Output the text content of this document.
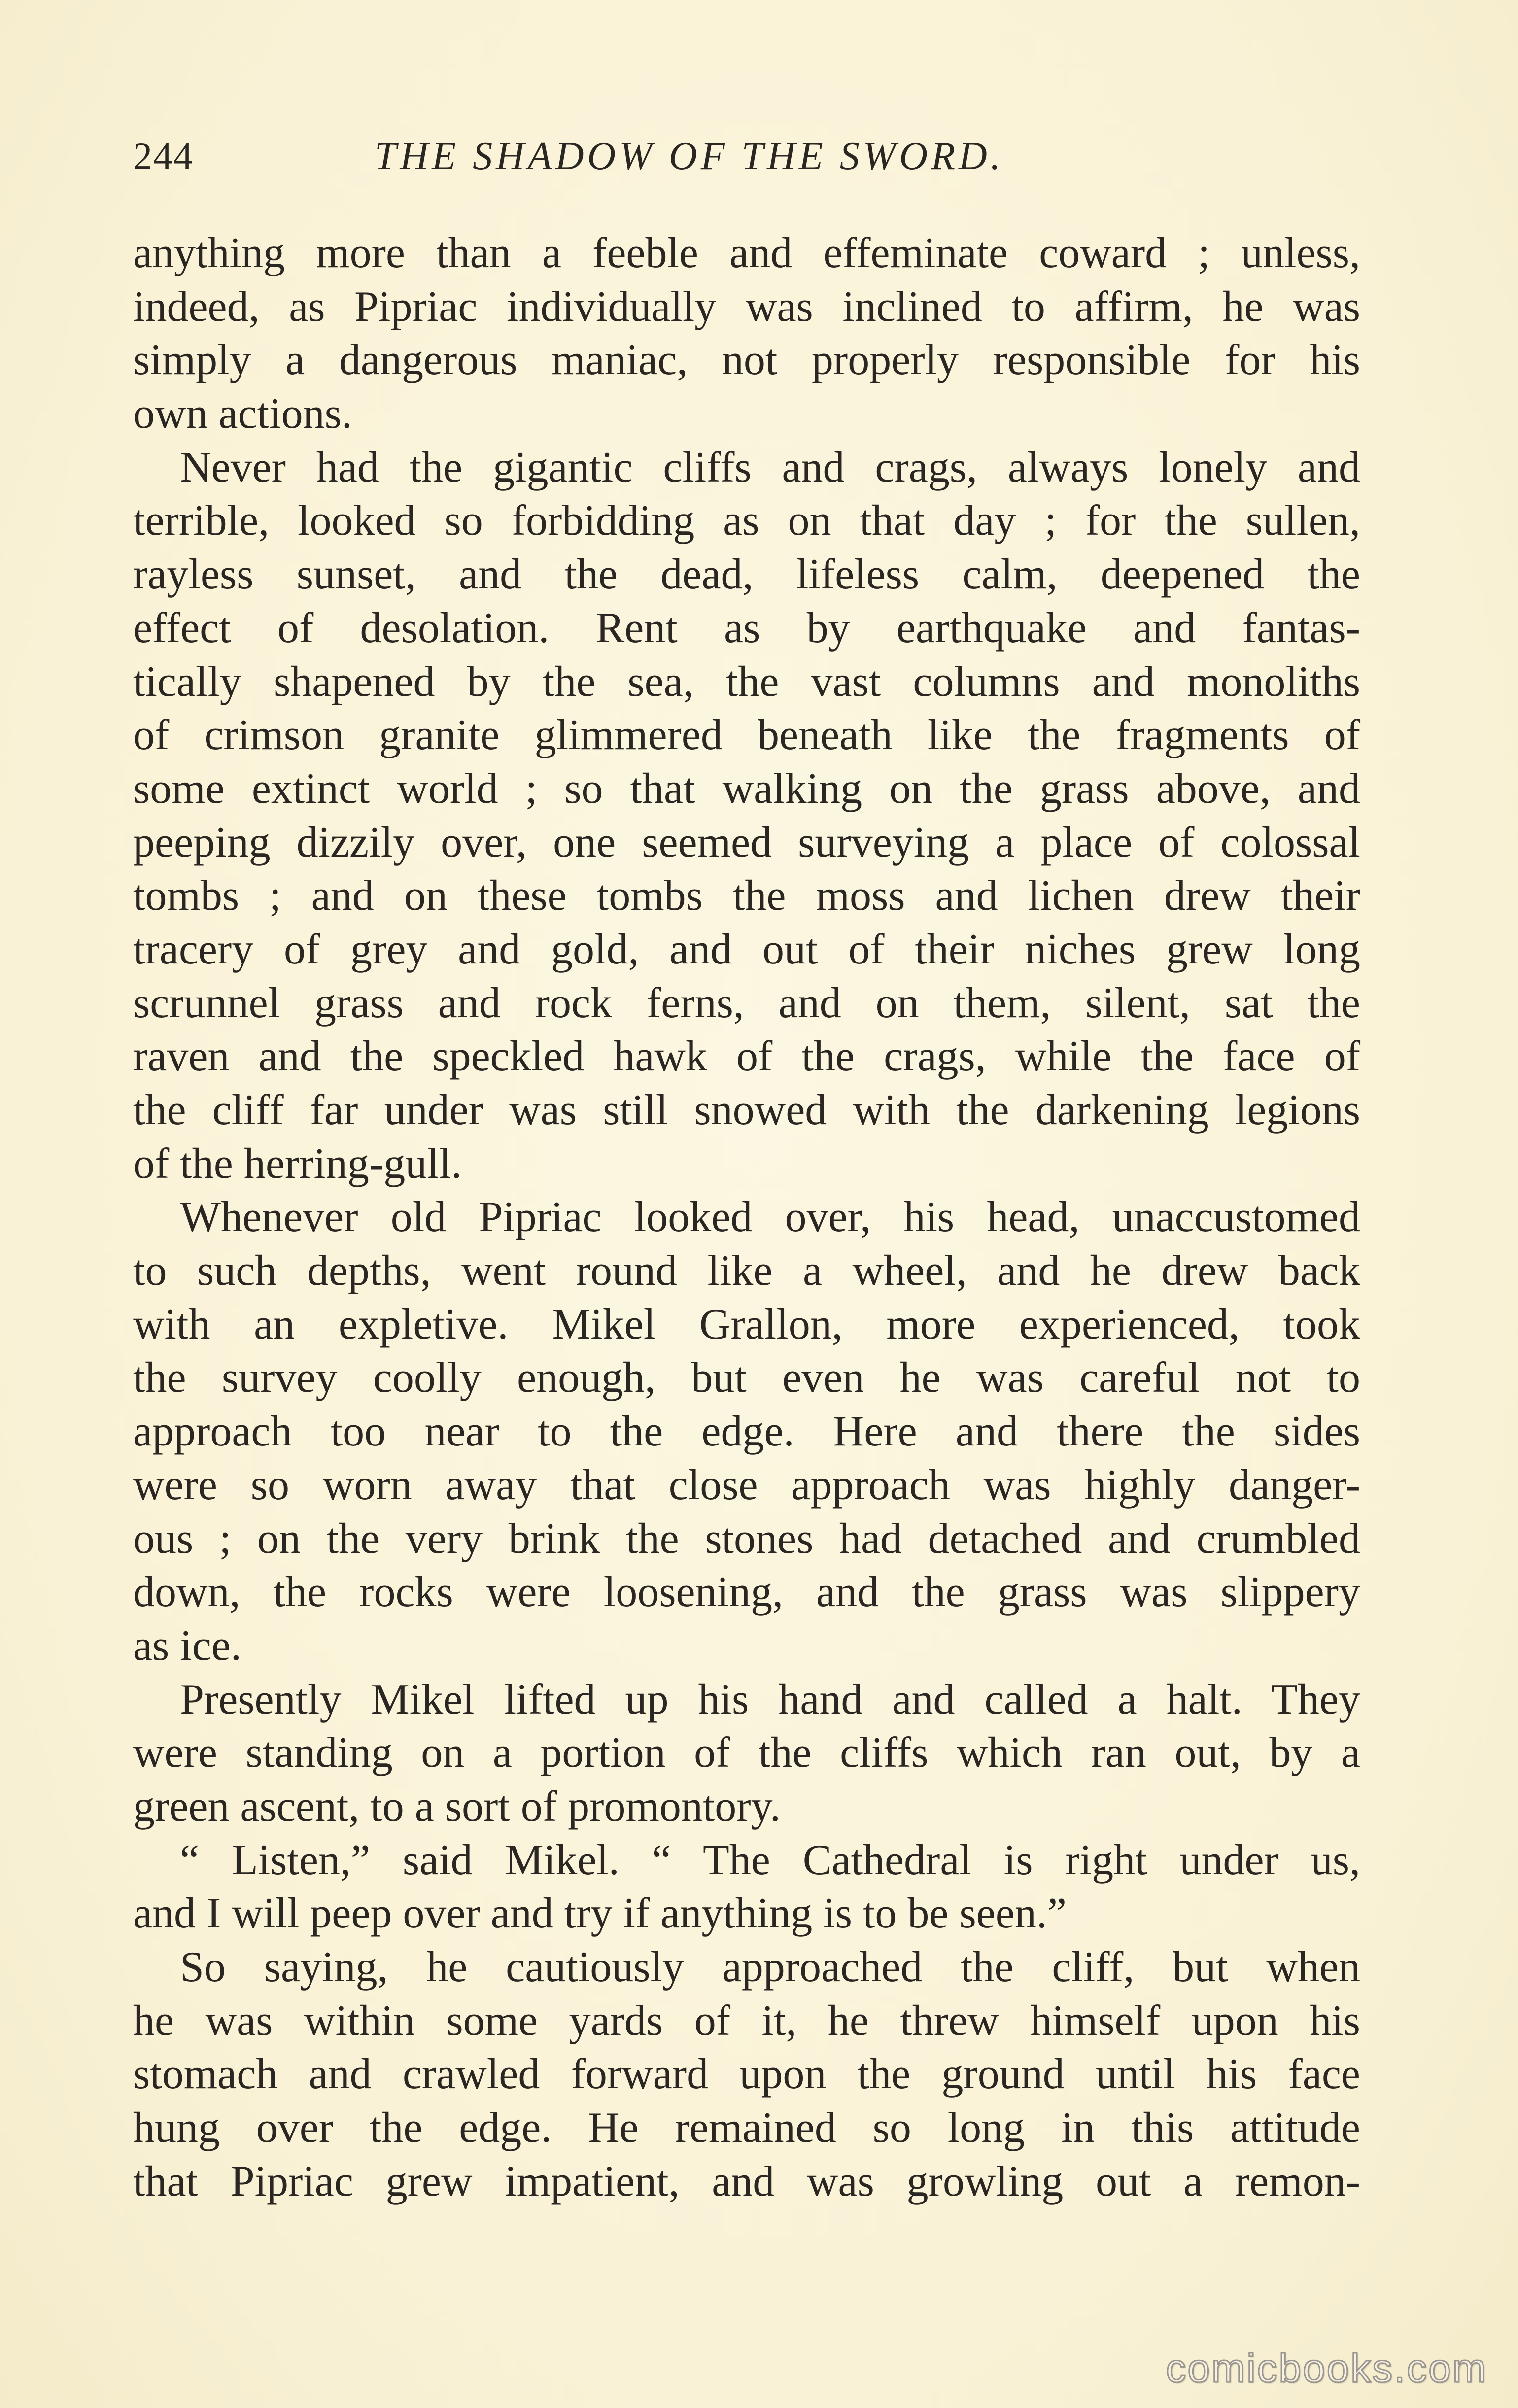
244	THE SHADOW OF THE SWORD.
anything more than a feeble and effeminate coward ; unless,
indeed, as Pipriac individually was inclined to affirm, he was
simply a dangerous maniac, not properly responsible for his
own actions.
Never had the gigantic cliffs and crags, always lonely and
terrible, looked so forbidding as on that day ; for the sullen,
rayless sunset, and the dead, lifeless calm, deepened the
effect of desolation. Rent as by earthquake and fantas-
tically shapened by the sea, the vast columns and monoliths
of crimson granite glimmered beneath like the fragments of
some extinct world ; so that walking on the grass above, and
peeping dizzily over, one seemed surveying a place of colossal
tombs ; and on these tombs the moss and lichen drew their
tracery of grey and gold, and out of their niches grew long
scrunnel grass and rock ferns, and on them, silent, sat the
raven and the speckled hawk of the crags, while the face of
the cliff far under was still snowed with the darkening legions
of the herring-gull.
Whenever old Pipriac looked over, his head, unaccustomed
to such depths, went round like a wheel, and he drew back
with an expletive. Mikel Grallon, more experienced, took
the survey coolly enough, but even he was careful not to
approach too near to the edge. Here and there the sides
were so worn away that close approach was highly danger-
ous ; on the very brink the stones had detached and crumbled
down, the rocks were loosening, and the grass was slippery
as ice.
Presently Mikel lifted up his hand and called a halt. They
were standing on a portion of the cliffs which ran out, by a
green ascent, to a sort of promontory.
“ Listen,” said Mikel. “ The Cathedral is right under us,
and I will peep over and try if anything is to be seen.”
So saying, he cautiously approached the cliff, but when
he was within some yards of it, he threw himself upon his
stomach and crawled forward upon the ground until his face
hung over the edge. He remained so long in this attitude
that Pipriac grew impatient, and was growling out a remon-
comicbooks.com
